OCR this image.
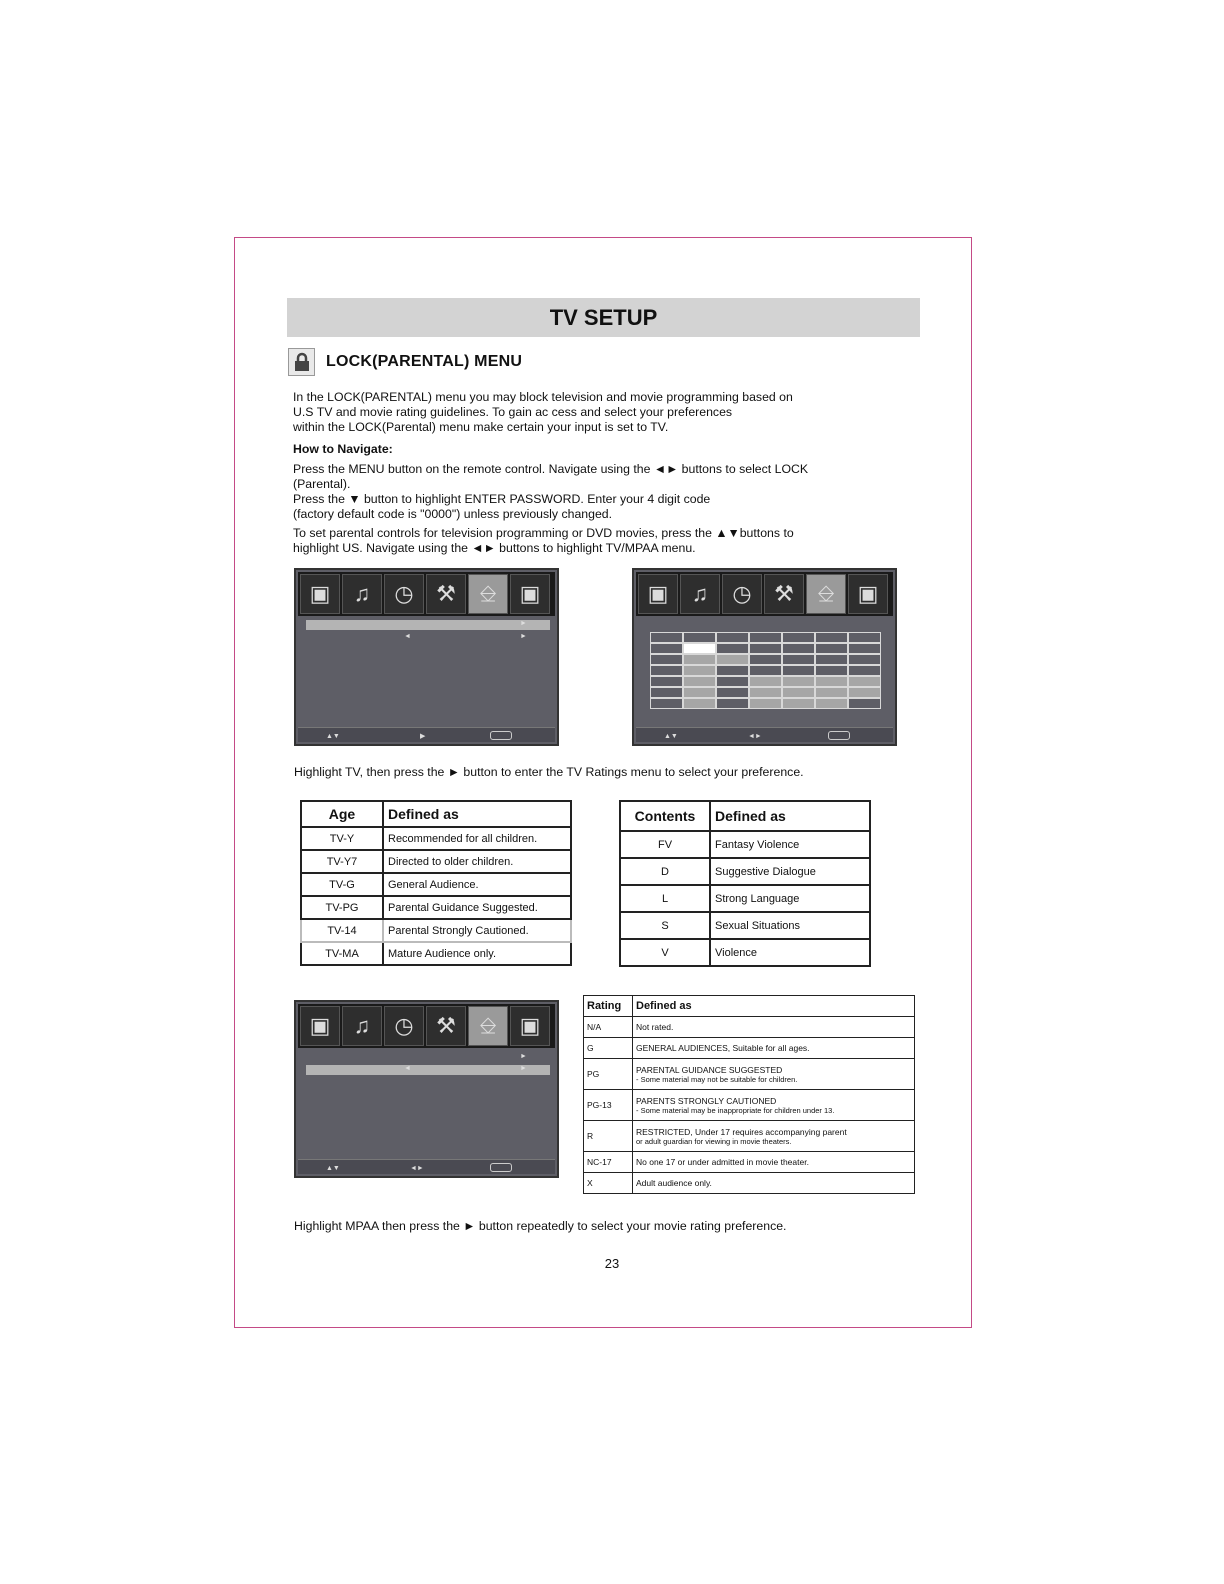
TV SETUP
LOCK(PARENTAL) MENU

In the LOCK(PARENTAL) menu you may block television and movie programming based on

U.S TV and movie rating guidelines. To gain ac cess and select your preferences

within the LOCK(Parental) menu make certain your input is set to TV.

How to Navigate:

Press the MENU button on the remote control. Navigate using the ◄► buttons to select LOCK

(Parental).

Press the ▼ button to highlight ENTER PASSWORD. Enter your 4 digit code

(factory default code is "0000") unless previously changed.

To set parental controls for television programming or DVD movies, press the ▲▼buttons to

highlight US. Navigate using the ◄► buttons to highlight TV/MPAA menu.

▣	♫	◷	⚒	⎒	▣
►
◄	►
▲▼	▶
▣	♫	◷	⚒	⎒	▣
▲▼	◄►
Highlight TV, then press the ► button to enter the TV Ratings menu to select your preference.
Age	Defined as
TV-Y	Recommended for all children.
TV-Y7	Directed to older children.
TV-G	General Audience.
TV-PG	Parental Guidance Suggested.
TV-14	Parental Strongly Cautioned.
TV-MA	Mature Audience only.
Contents	Defined as
FV	Fantasy Violence
D	Suggestive Dialogue
L	Strong Language
S	Sexual Situations
V	Violence
▣	♫	◷	⚒	⎒	▣
►
◄	►
▲▼	◄►
Rating	Defined as
N/A	Not rated.
G	GENERAL AUDIENCES, Suitable for all ages.
PG	PARENTAL GUIDANCE SUGGESTED
- Some material may not be suitable for children.

PG-13	PARENTS STRONGLY CAUTIONED
- Some material may be inappropriate for children under 13.

R	RESTRICTED, Under 17 requires accompanying parent
or adult guardian for viewing in movie theaters.

NC-17	No one 17 or under admitted in movie theater.
X	Adult audience only.
Highlight MPAA then press the ► button repeatedly to select your movie rating preference.
23
